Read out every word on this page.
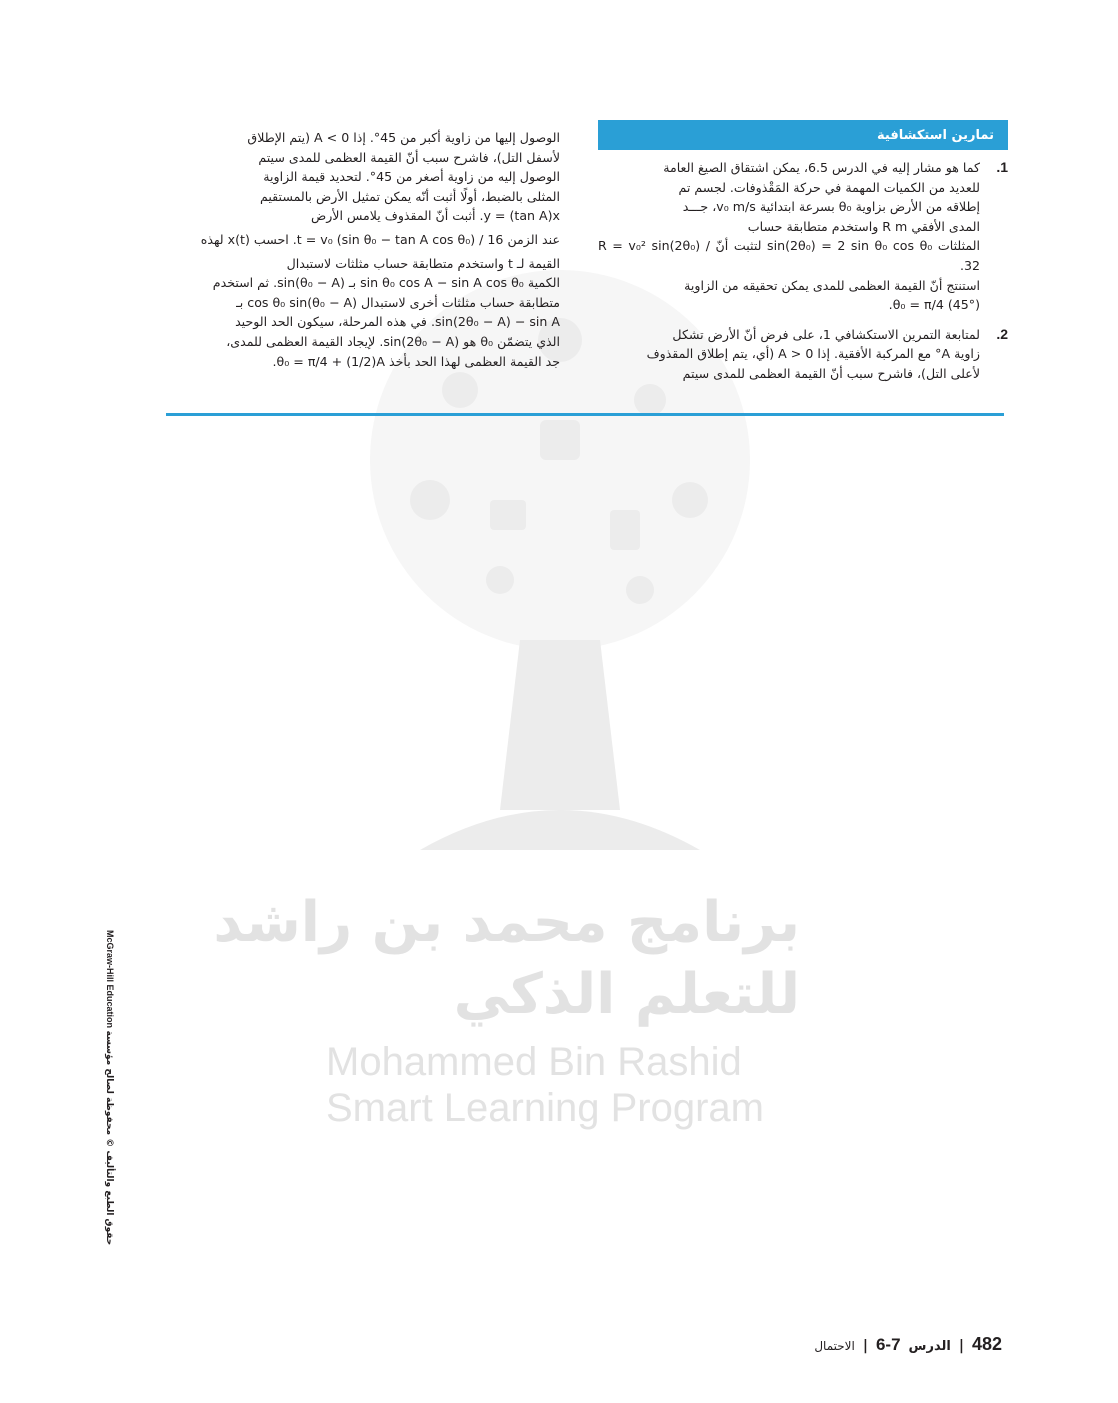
برنامج محمد بن راشد
للتعلم الذكي
Mohammed Bin Rashid
Smart Learning Program
تمارين استكشافية
1.
كما هو مشار إليه في الدرس 6.5، يمكن اشتقاق الصيغ العامة
للعديد من الكميات المهمة في حركة المَقْذوفات. لجسم تم
إطلاقه من الأرض بزاوية θ₀ بسرعة ابتدائية v₀ m/s، جـــد
المدى الأفقي R m واستخدم متطابقة حساب
المثلثات sin(2θ₀) = 2 sin θ₀ cos θ₀ لتثبت أنّ R = v₀² sin(2θ₀) / 32.
استنتج أنّ القيمة العظمى للمدى يمكن تحقيقه من الزاوية
θ₀ = π/4 (45°).
2.
لمتابعة التمرين الاستكشافي 1، على فرض أنّ الأرض تشكل
زاوية A° مع المركبة الأفقية. إذا A > 0 (أي، يتم إطلاق المقذوف
لأعلى التل)، فاشرح سبب أنّ القيمة العظمى للمدى سيتم
الوصول إليها من زاوية أكبر من 45°. إذا A < 0 (يتم الإطلاق
لأسفل التل)، فاشرح سبب أنّ القيمة العظمى للمدى سيتم
الوصول إليه من زاوية أصغر من 45°. لتحديد قيمة الزاوية
المثلى بالضبط، أولًا أثبت أنّه يمكن تمثيل الأرض بالمستقيم
y = (tan A)x. أثبت أنّ المقذوف يلامس الأرض
عند الزمن t = v₀ (sin θ₀ − tan A cos θ₀) / 16. احسب x(t) لهذه
القيمة لـ t واستخدم متطابقة حساب مثلثات لاستبدال
الكمية sin θ₀ cos A − sin A cos θ₀ بـ sin(θ₀ − A). ثم استخدم
متطابقة حساب مثلثات أخرى لاستبدال cos θ₀ sin(θ₀ − A) بـ
sin(2θ₀ − A) − sin A. في هذه المرحلة، سيكون الحد الوحيد
الذي يتضمّن θ₀ هو sin(2θ₀ − A). لإيجاد القيمة العظمى للمدى،
جد القيمة العظمى لهذا الحد بأخذ θ₀ = π/4 + (1/2)A.
McGraw-Hill Education حقوق الطبع والتأليف © محفوظة لصالح مؤسسة
482
|
الدرس
6-7
|
الاحتمال
